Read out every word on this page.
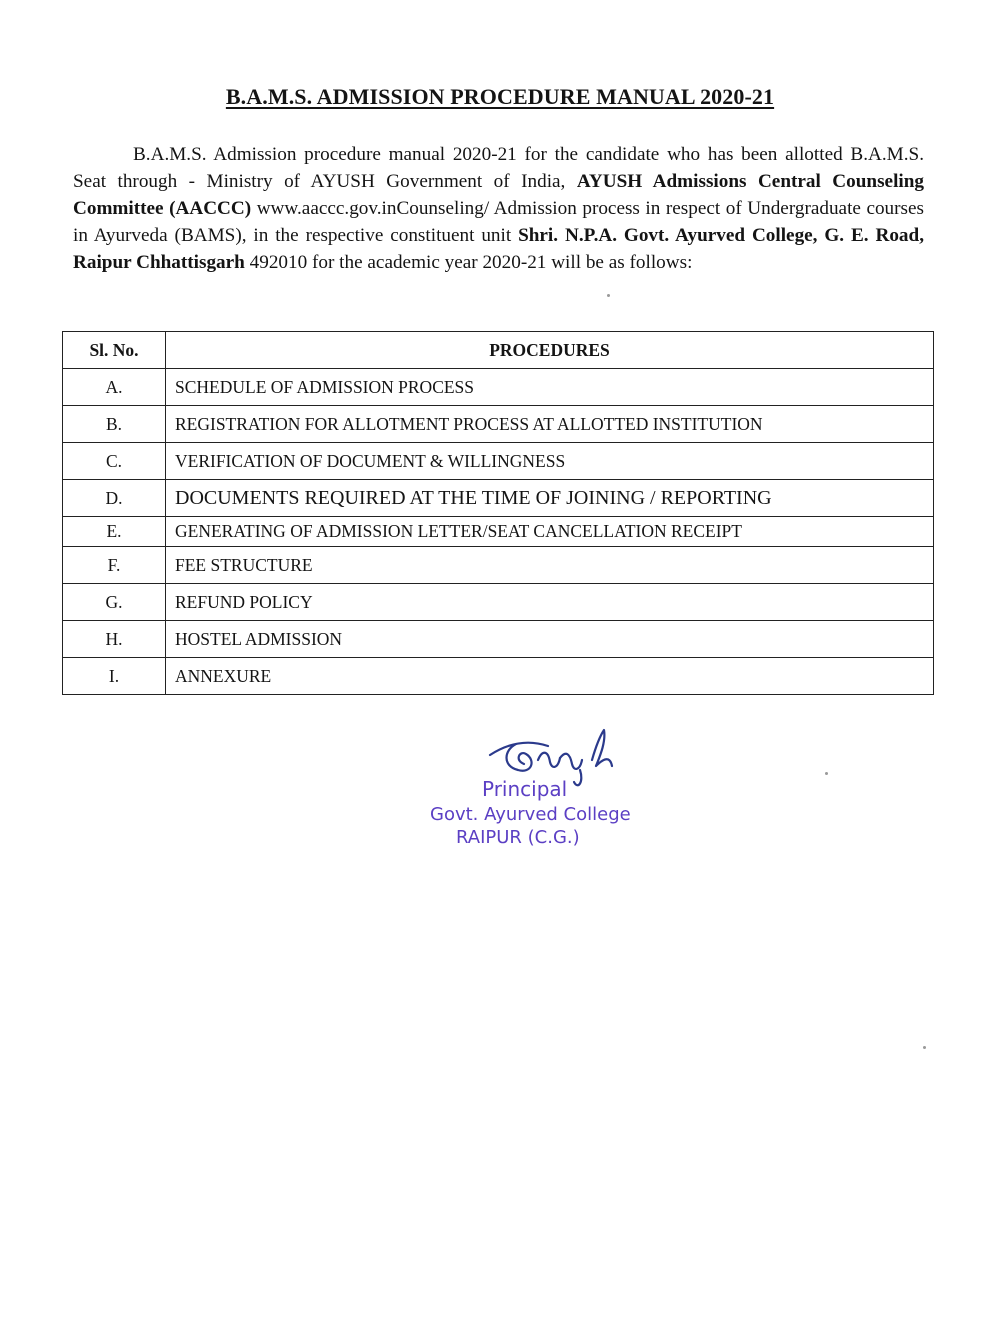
B.A.M.S. ADMISSION PROCEDURE MANUAL 2020-21

B.A.M.S. Admission procedure manual 2020-21 for the candidate who has been allotted B.A.M.S. Seat through - Ministry of AYUSH Government of India, AYUSH Admissions Central Counseling Committee (AACCC) www.aaccc.gov.inCounseling/ Admission process in respect of Undergraduate courses in Ayurveda (BAMS), in the respective constituent unit Shri. N.P.A. Govt. Ayurved College, G. E. Road, Raipur Chhattisgarh 492010 for the academic year 2020-21 will be as follows:

Sl. No.	PROCEDURES
A.	SCHEDULE OF ADMISSION PROCESS
B.	REGISTRATION FOR ALLOTMENT PROCESS AT ALLOTTED INSTITUTION
C.	VERIFICATION OF DOCUMENT & WILLINGNESS
D.	DOCUMENTS REQUIRED AT THE TIME OF JOINING / REPORTING
E.	GENERATING OF ADMISSION LETTER/SEAT CANCELLATION RECEIPT
F.	FEE STRUCTURE
G.	REFUND POLICY
H.	HOSTEL ADMISSION
I.	ANNEXURE
Principal
Govt. Ayurved College
RAIPUR (C.G.)
